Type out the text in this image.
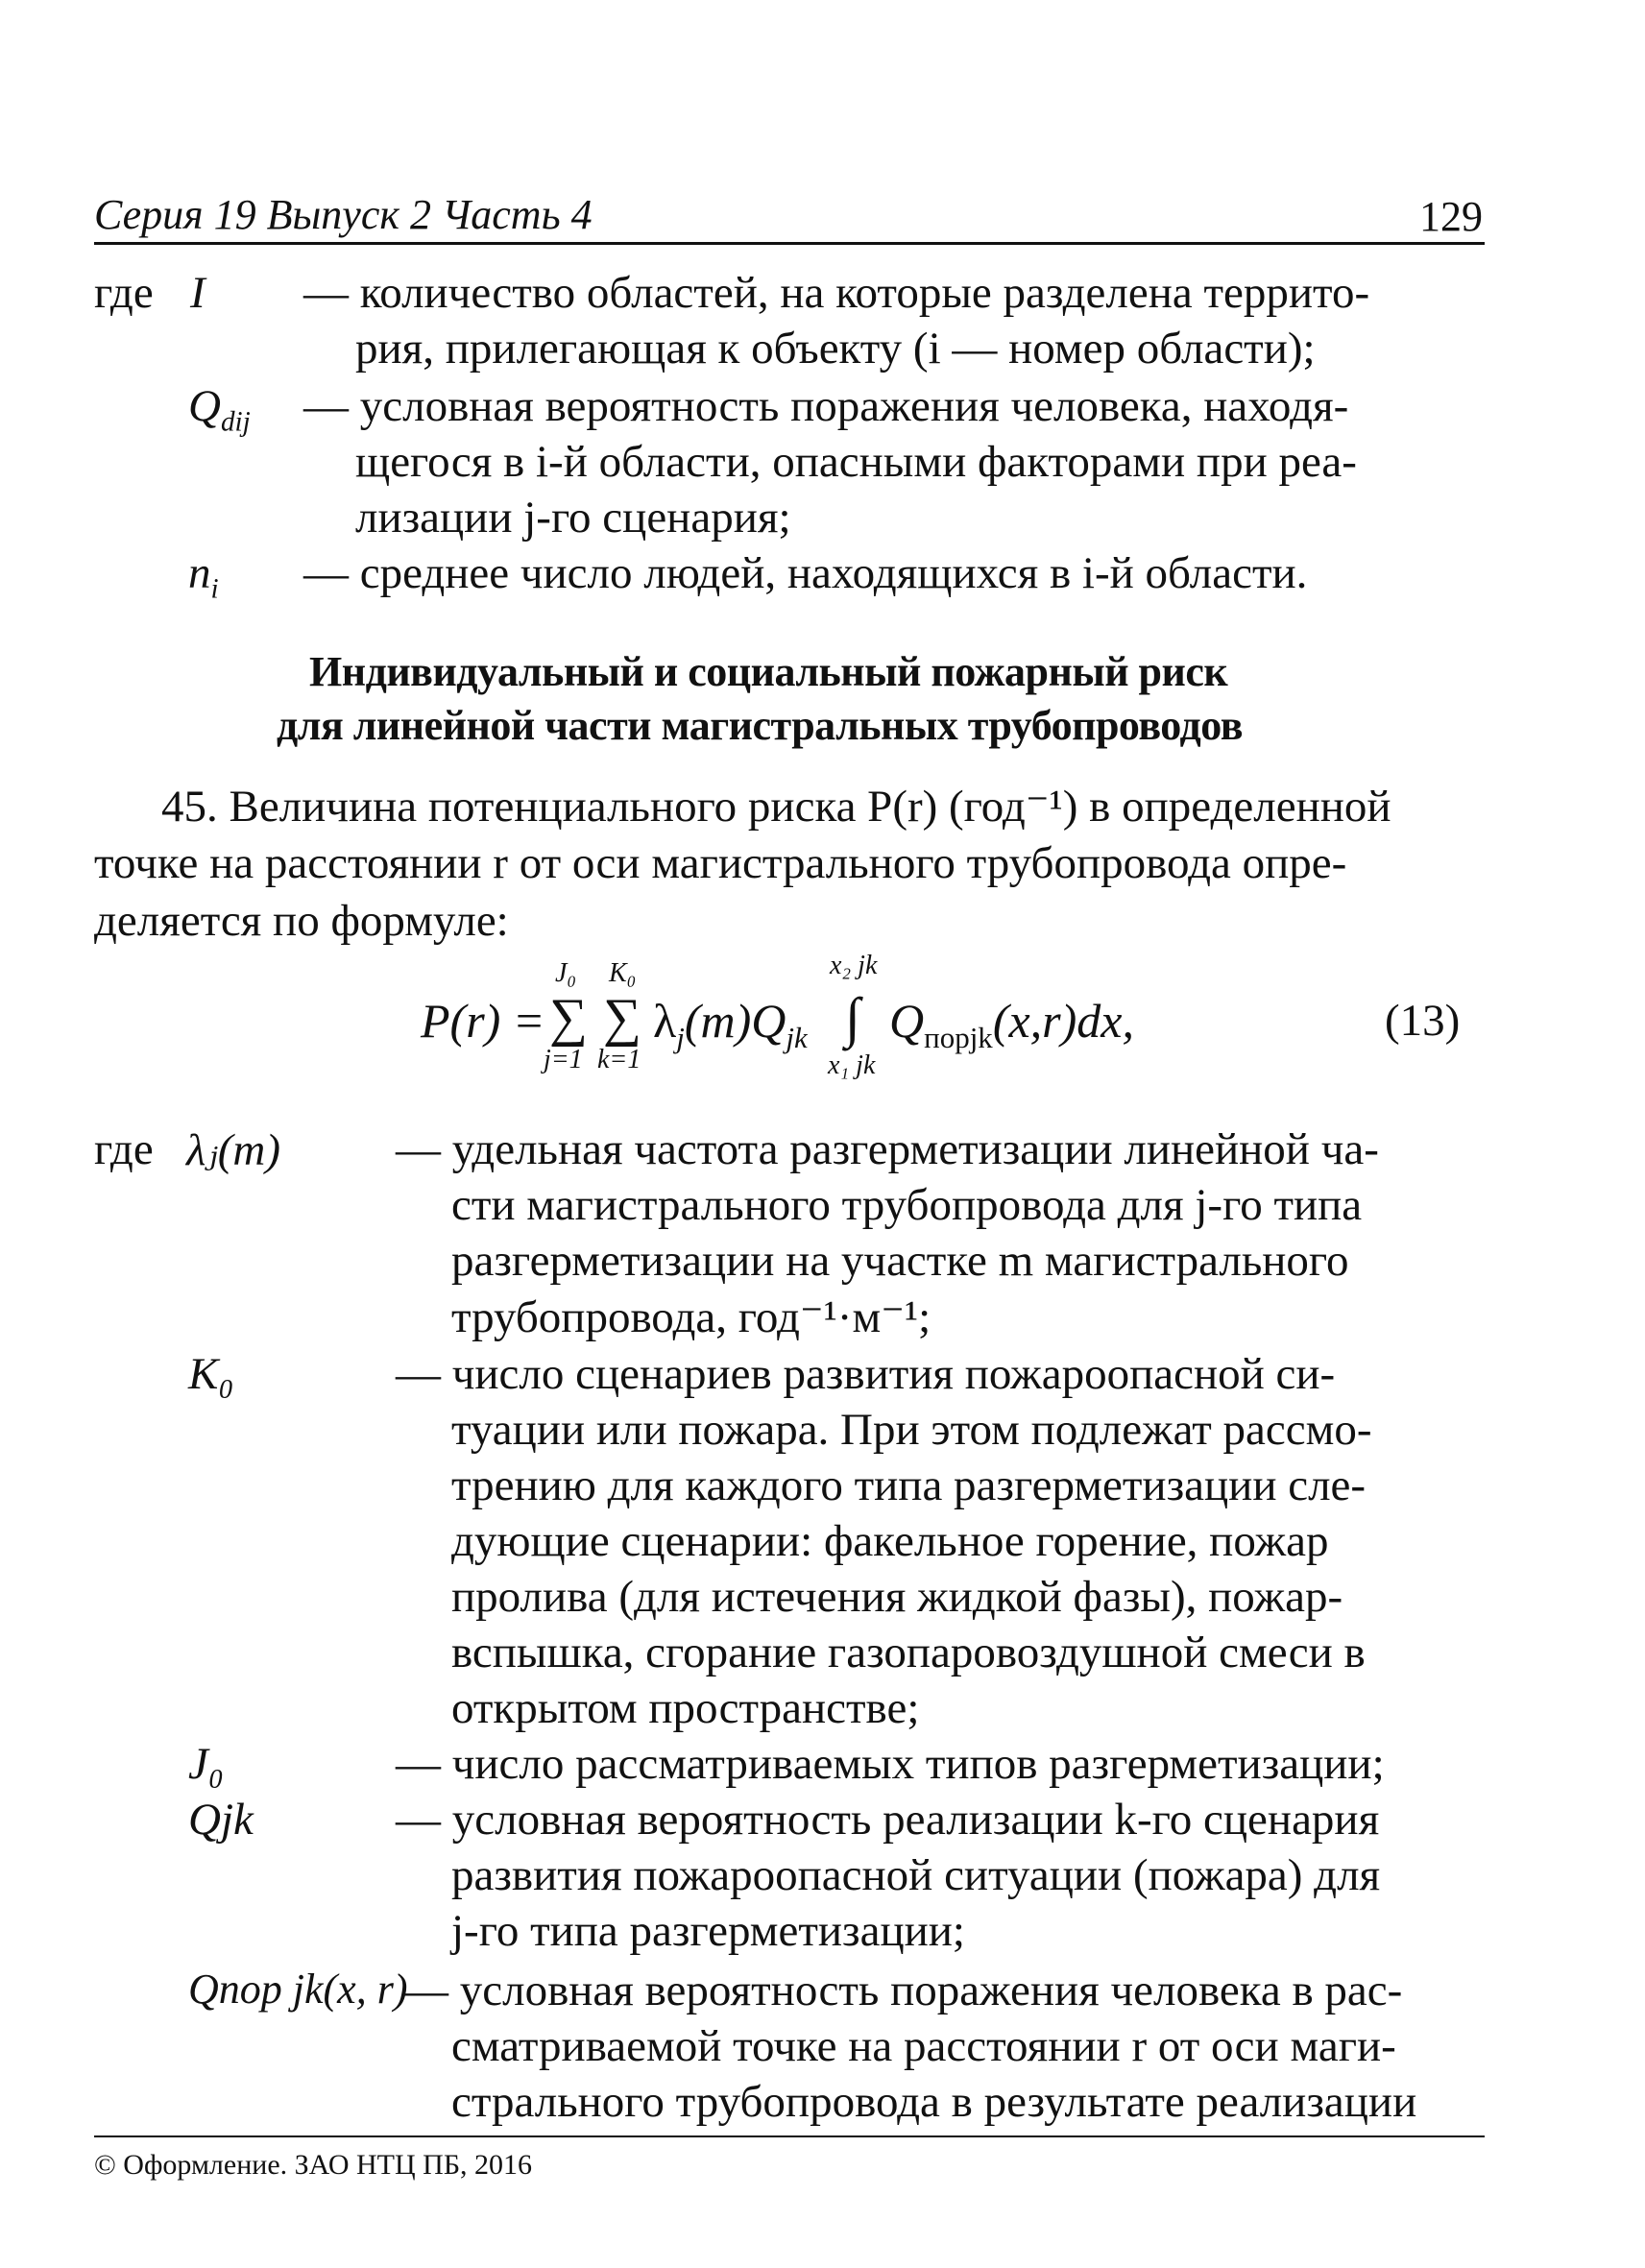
Серия 19 Выпуск 2 Часть 4	129
где I — количество областей, на которые разделена террито-
рия, прилегающая к объекту (i — номер области);
$Q_{dij}$ — условная вероятность поражения человека, находя-
щегося в i-й области, опасными факторами при реа-
лизации j-го сценария;
$n_i$ — среднее число людей, находящихся в i-й области.
Индивидуальный и социальный пожарный риск
для линейной части магистральных трубопроводов
45. Величина потенциального риска P(r) (год⁻¹) в определенной
точке на расстоянии r от оси магистрального трубопровода опре-
деляется по формуле:
P(r) =
J₀
∑
j=1
K₀
∑
k=1
$\lambda_j(m)Q_{jk}$
x₂ jk
∫
x₁ jk
$Q_{порjk}(x,r)dx$,	(13)
где λⱼ(m)	— удельная частота разгерметизации линейной ча-
сти магистрального трубопровода для j-го типа
разгерметизации на участке m магистрального
трубопровода, год⁻¹·м⁻¹;
K₀	— число сценариев развития пожароопасной си-
туации или пожара. При этом подлежат рассмо-
трению для каждого типа разгерметизации сле-
дующие сценарии: факельное горение, пожар
пролива (для истечения жидкой фазы), пожар-
вспышка, сгорание газопаровоздушной смеси в
открытом пространстве;
J₀	— число рассматриваемых типов разгерметизации;
Qjk	— условная вероятность реализации k-го сценария
развития пожароопасной ситуации (пожара) для
j-го типа разгерметизации;
Qпор jk(x, r)
— условная вероятность поражения человека в рас-
сматриваемой точке на расстоянии r от оси маги-
стрального трубопровода в результате реализации
© Оформление. ЗАО НТЦ ПБ, 2016
